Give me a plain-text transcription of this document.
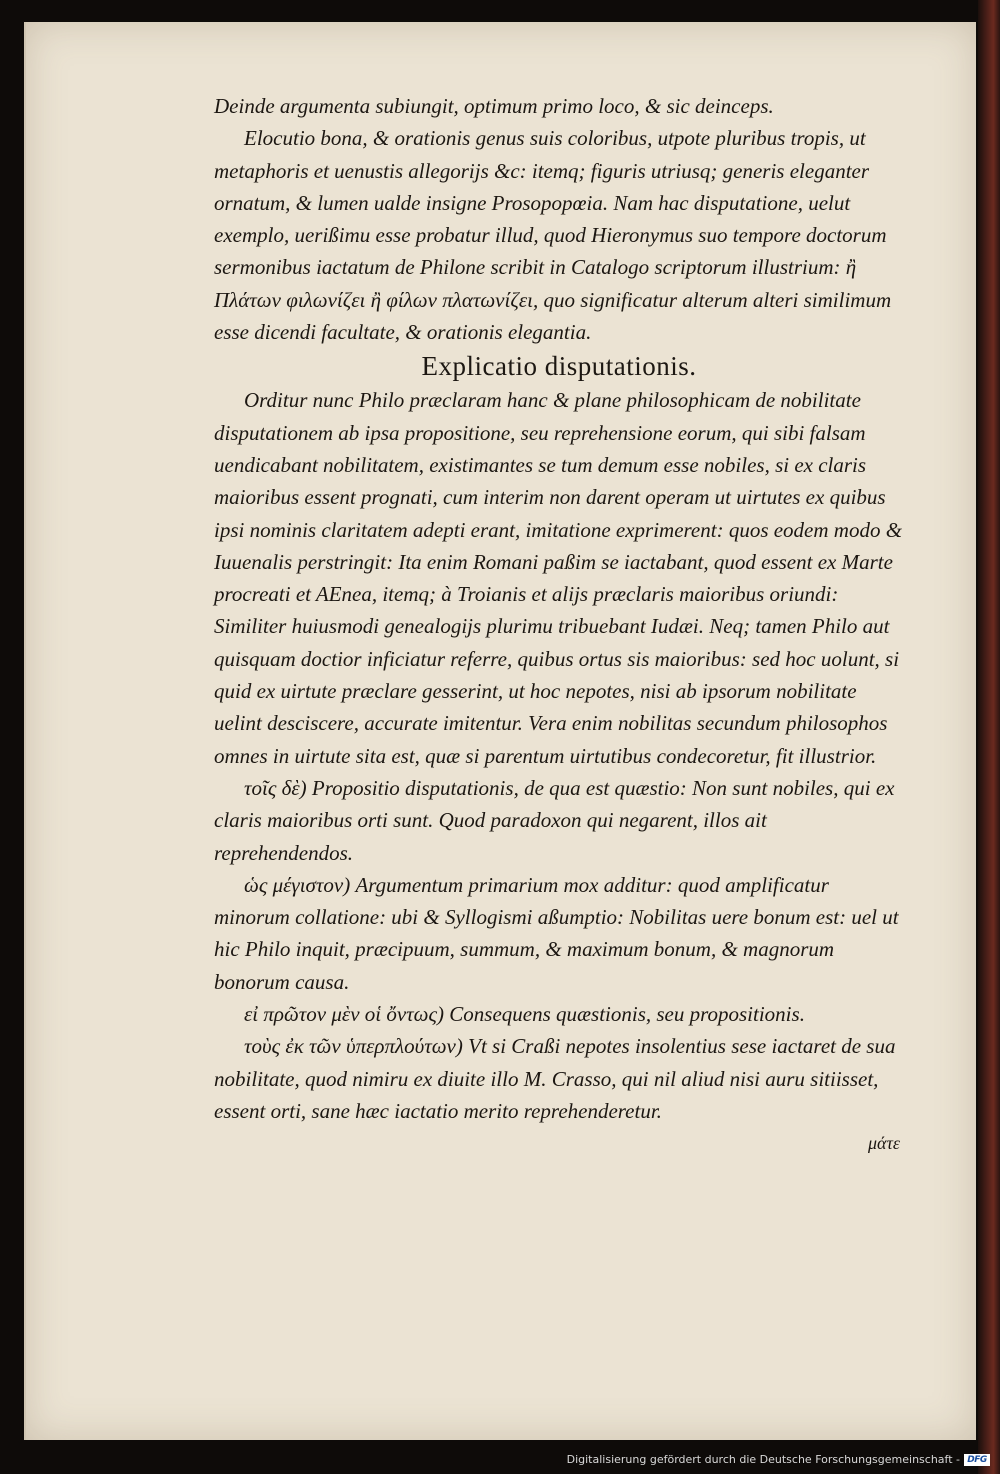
Deinde argumenta subiungit, optimum primo loco, & sic deinceps.

Elocutio bona, & orationis genus suis coloribus, utpote pluribus tropis, ut metaphoris et uenustis allegorijs &c: itemq; figuris utriusq; generis eleganter ornatum, & lumen ualde insigne Prosopopœia. Nam hac disputatione, uelut exemplo, uerißimu esse probatur illud, quod Hieronymus suo tempore doctorum sermonibus iactatum de Philone scribit in Catalogo scriptorum illustrium: ἢ Πλάτων φιλωνίζει ἢ φίλων πλατωνίζει, quo significatur alterum alteri similimum esse dicendi facultate, & orationis elegantia.

Explicatio disputationis.

Orditur nunc Philo præclaram hanc & plane philosophicam de nobilitate disputationem ab ipsa propositione, seu reprehensione eorum, qui sibi falsam uendicabant nobilitatem, existimantes se tum demum esse nobiles, si ex claris maioribus essent prognati, cum interim non darent operam ut uirtutes ex quibus ipsi nominis claritatem adepti erant, imitatione exprimerent: quos eodem modo & Iuuenalis perstringit: Ita enim Romani paßim se iactabant, quod essent ex Marte procreati et AEnea, itemq; à Troianis et alijs præclaris maioribus oriundi: Similiter huiusmodi genealogijs plurimu tribuebant Iudæi. Neq; tamen Philo aut quisquam doctior inficiatur referre, quibus ortus sis maioribus: sed hoc uolunt, si quid ex uirtute præclare gesserint, ut hoc nepotes, nisi ab ipsorum nobilitate uelint desciscere, accurate imitentur. Vera enim nobilitas secundum philosophos omnes in uirtute sita est, quæ si parentum uirtutibus condecoretur, fit illustrior.

τοῖς δὲ) Propositio disputationis, de qua est quæstio: Non sunt nobiles, qui ex claris maioribus orti sunt. Quod paradoxon qui negarent, illos ait reprehendendos.

ὡς μέγιστον) Argumentum primarium mox additur: quod amplificatur minorum collatione: ubi & Syllogismi aßumptio: Nobilitas uere bonum est: uel ut hic Philo inquit, præcipuum, summum, & maximum bonum, & magnorum bonorum causa.

εἰ πρῶτον μὲν οἱ ὄντως) Consequens quæstionis, seu propositionis.

τοὺς ἐκ τῶν ὑπερπλούτων) Vt si Craßi nepotes insolentius sese iactaret de sua nobilitate, quod nimiru ex diuite illo M. Crasso, qui nil aliud nisi auru sitiisset, essent orti, sane hæc iactatio merito reprehenderetur.

μάτε

Digitalisierung gefördert durch die Deutsche Forschungsgemeinschaft - DFG
